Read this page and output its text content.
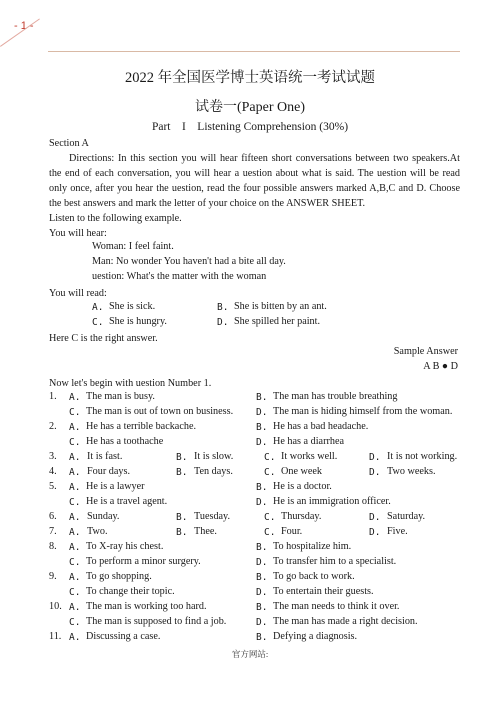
- 1 -
2022 年全国医学博士英语统一考试试题
试卷一(Paper One)
Part    I    Listening Comprehension (30%)
Section A
Directions: In this section you will hear fifteen short conversations between two speakers.At the end of each conversation, you will hear a uestion about what is said. The uestion will be read only once, after you hear the uestion, read the four possible answers marked A,B,C and D. Choose the best answers and mark the letter of your choice on the ANSWER SHEET.
Listen to the following example.
You will hear:
Woman: I feel faint.
Man: No wonder You haven't had a bite all day.
uestion: What's the matter with the woman
You will read:
A. She is sick.	B. She is bitten by an ant.
C. She is hungry.	D. She spilled her paint.
Here C is the right answer.
Sample Answer
A B ● D
Now let's begin with uestion Number 1.
1. A. The man is busy.	B. The man has trouble breathing
C. The man is out of town on business. D. The man is hiding himself from the woman.
2. A. He has a terrible backache.	B. He has a bad headache.
C. He has a toothache	D. He has a diarrhea
3. A. It is fast.	B. It is slow.	C. It works well.	D. It is not working.
4. A. Four days.	B. Ten days.	C. One week	D. Two weeks.
5. A. He is a lawyer	B. He is a doctor.
C. He is a travel agent.	D. He is an immigration officer.
6. A. Sunday.	B. Tuesday.	C. Thursday.	D. Saturday.
7. A. Two.	B. Thee.	C. Four.	D. Five.
8. A. To X-ray his chest.	B. To hospitalize him.
C. To perform a minor surgery.	D. To transfer him to a specialist.
9. A. To go shopping.	B. To go back to work.
C. To change their topic.	D. To entertain their guests.
10. A. The man is working too hard.	B. The man needs to think it over.
C. The man is supposed to find a job.	D. The man has made a right decision.
11. A. Discussing a case.	B. Defying a diagnosis.
官方网站:
